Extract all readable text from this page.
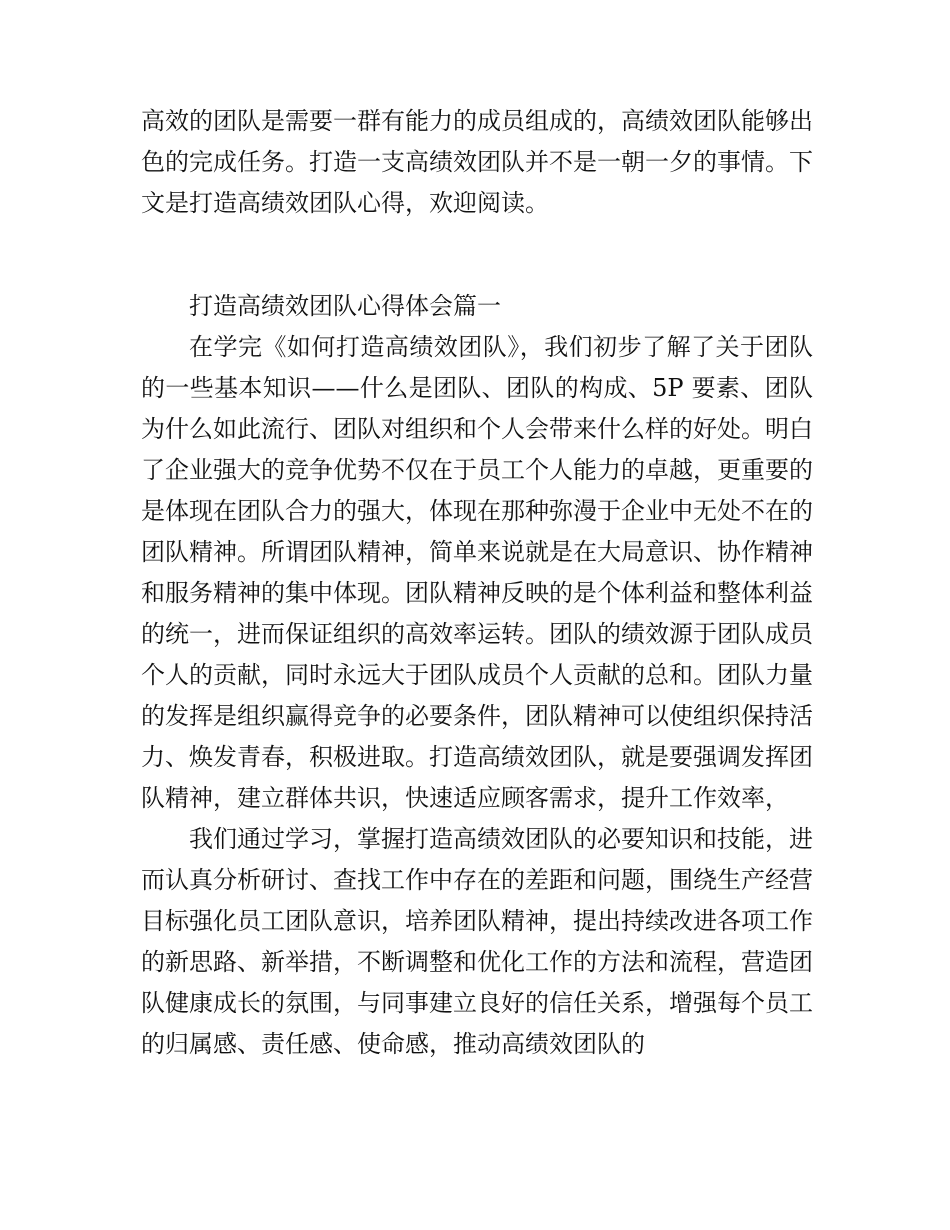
高效的团队是需要一群有能力的成员组成的，高绩效团队能够出色的完成任务。打造一支高绩效团队并不是一朝一夕的事情。下文是打造高绩效团队心得，欢迎阅读。

打造高绩效团队心得体会篇一

在学完《如何打造高绩效团队》，我们初步了解了关于团队的一些基本知识——什么是团队、团队的构成、5P 要素、团队为什么如此流行、团队对组织和个人会带来什么样的好处。明白了企业强大的竞争优势不仅在于员工个人能力的卓越，更重要的是体现在团队合力的强大，体现在那种弥漫于企业中无处不在的团队精神。所谓团队精神，简单来说就是在大局意识、协作精神和服务精神的集中体现。团队精神反映的是个体利益和整体利益的统一，进而保证组织的高效率运转。团队的绩效源于团队成员个人的贡献，同时永远大于团队成员个人贡献的总和。团队力量的发挥是组织赢得竞争的必要条件，团队精神可以使组织保持活力、焕发青春，积极进取。打造高绩效团队，就是要强调发挥团队精神，建立群体共识，快速适应顾客需求，提升工作效率，

我们通过学习，掌握打造高绩效团队的必要知识和技能，进而认真分析研讨、查找工作中存在的差距和问题，围绕生产经营目标强化员工团队意识，培养团队精神，提出持续改进各项工作的新思路、新举措，不断调整和优化工作的方法和流程，营造团队健康成长的氛围，与同事建立良好的信任关系，增强每个员工的归属感、责任感、使命感，推动高绩效团队的
